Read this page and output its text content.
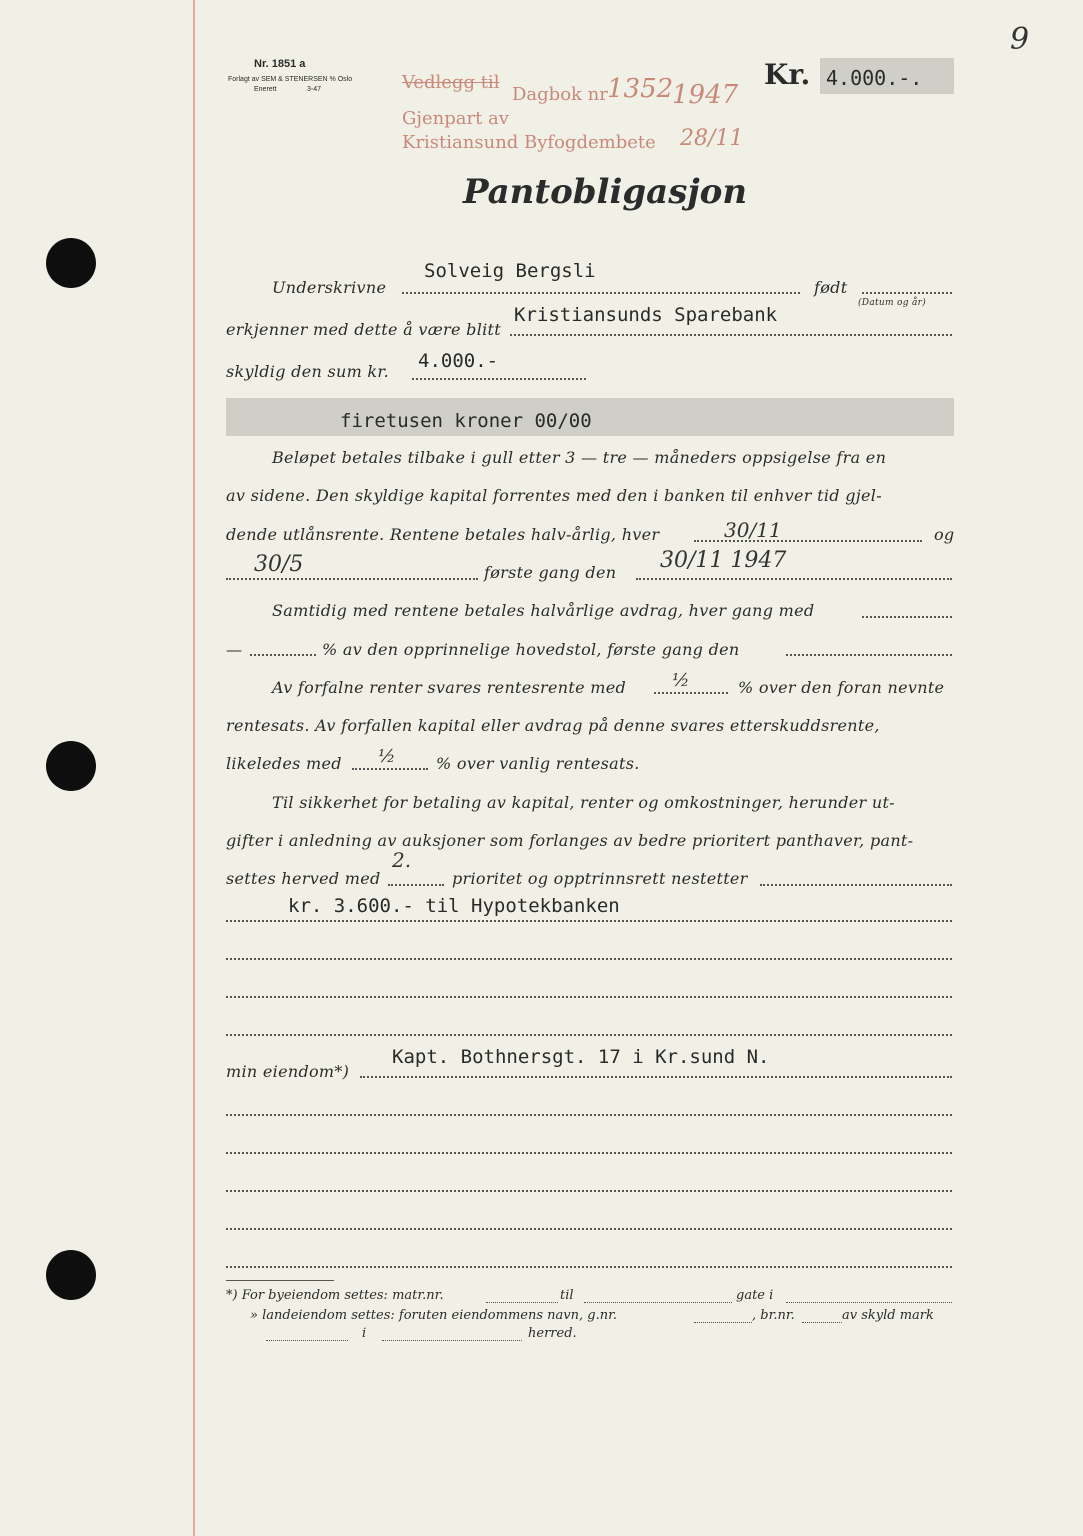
9
Nr. 1851 a
Forlagt av SEM & STENERSEN % Oslo
Enerett	3-47	Vedlegg til
Dagbok nr 1352
1947
Gjenpart av
Kristiansund Byfogdembete 28/11
Kr. 4.000.-.
Pantobligasjon
Solveig Bergsli
Underskrivne	født
(Datum og år)
Kristiansunds Sparebank
erkjenner med dette å være blitt
4.000.-
skyldig den sum kr.
firetusen kroner 00/00
Beløpet betales tilbake i gull etter 3 — tre — måneders oppsigelse fra en
av sidene. Den skyldige kapital forrentes med den i banken til enhver tid gjel-
dende utlånsrente. Rentene betales halv-årlig, hver	30/11	og
30/5	første gang den 30/11 1947
Samtidig med rentene betales halvårlige avdrag, hver gang med
—	% av den opprinnelige hovedstol, første gang den
Av forfalne renter svares rentesrente med	½	% over den foran nevnte
rentesats. Av forfallen kapital eller avdrag på denne svares etterskuddsrente,
likeledes med ½	% over vanlig rentesats.
Til sikkerhet for betaling av kapital, renter og omkostninger, herunder ut-
gifter i anledning av auksjoner som forlanges av bedre prioritert panthaver, pant-
2.
settes herved med	prioritet og opptrinnsrett nestetter
kr. 3.600.- til Hypotekbanken
Kapt. Bothnersgt. 17 i Kr.sund N.
min eiendom*)
*) For byeiendom settes: matr.nr.	til	gate i
» landeiendom settes: foruten eiendommens navn, g.nr.	, br.nr.	av skyld mark
i	herred.
